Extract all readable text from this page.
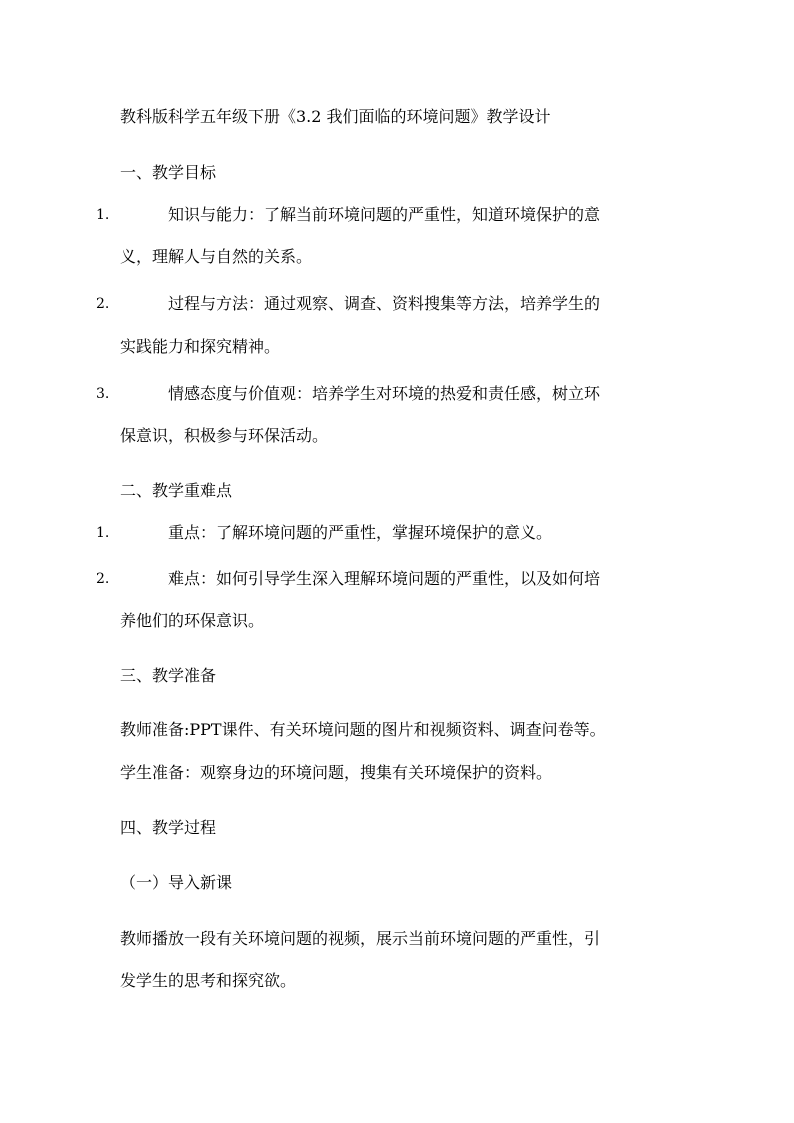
教科版科学五年级下册《3.2 我们面临的环境问题》教学设计
一、教学目标
1.	知识与能力：了解当前环境问题的严重性，知道环境保护的意
义，理解人与自然的关系。
2.	过程与方法：通过观察、调查、资料搜集等方法，培养学生的
实践能力和探究精神。
3.	情感态度与价值观：培养学生对环境的热爱和责任感，树立环
保意识，积极参与环保活动。
二、教学重难点
1.	重点：了解环境问题的严重性，掌握环境保护的意义。
2.	难点：如何引导学生深入理解环境问题的严重性，以及如何培
养他们的环保意识。
三、教学准备
教师准备:PPT课件、有关环境问题的图片和视频资料、调查问卷等。
学生准备：观察身边的环境问题，搜集有关环境保护的资料。
四、教学过程
（一）导入新课
教师播放一段有关环境问题的视频，展示当前环境问题的严重性，引
发学生的思考和探究欲。
